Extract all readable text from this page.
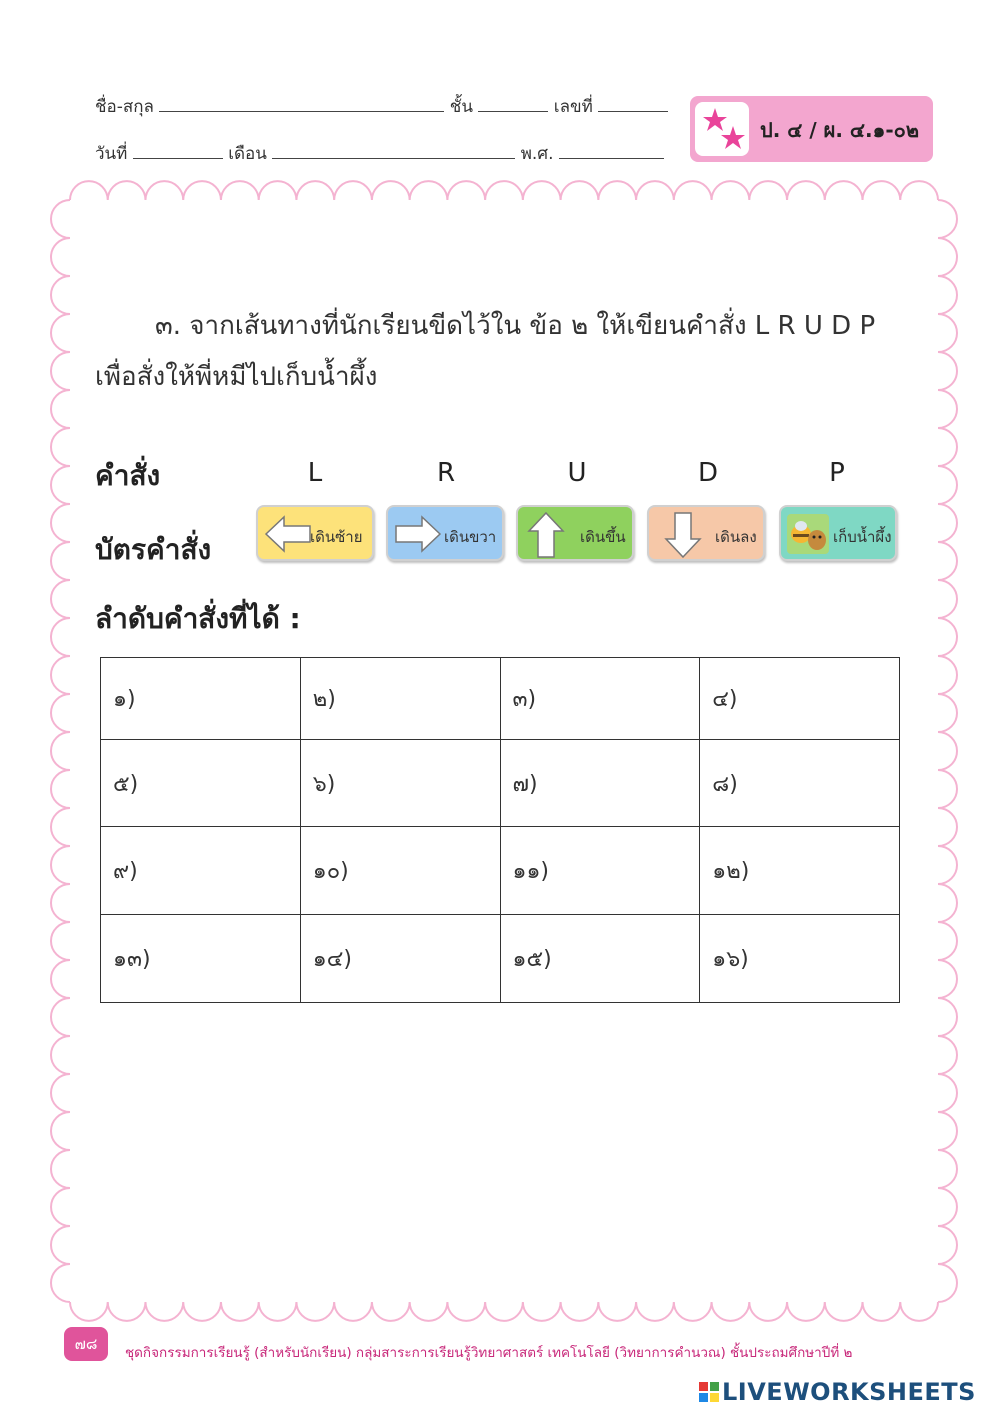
ชื่อ-สกุล	ชั้น	เลขที่
วันที่	เดือน	พ.ศ.
ป. ๔ / ผ. ๔.๑-๐๒
๓. จากเส้นทางที่นักเรียนขีดไว้ใน ข้อ ๒ ให้เขียนคำสั่ง L R U D P
เพื่อสั่งให้พี่หมีไปเก็บน้ำผึ้ง
คำสั่ง	L	R	U	D	P
บัตรคำสั่ง	เดินซ้าย	เดินขวา	เดินขึ้น	เดินลง	เก็บน้ำผึ้ง
ลำดับคำสั่งที่ได้ :
๑)	๒)	๓)	๔)
๕)	๖)	๗)	๘)
๙)	๑๐)	๑๑)	๑๒)
๑๓)	๑๔)	๑๕)	๑๖)
๗๘	ชุดกิจกรรมการเรียนรู้ (สำหรับนักเรียน) กลุ่มสาระการเรียนรู้วิทยาศาสตร์ เทคโนโลยี (วิทยาการคำนวณ) ชั้นประถมศึกษาปีที่ ๒
LIVEWORKSHEETS
